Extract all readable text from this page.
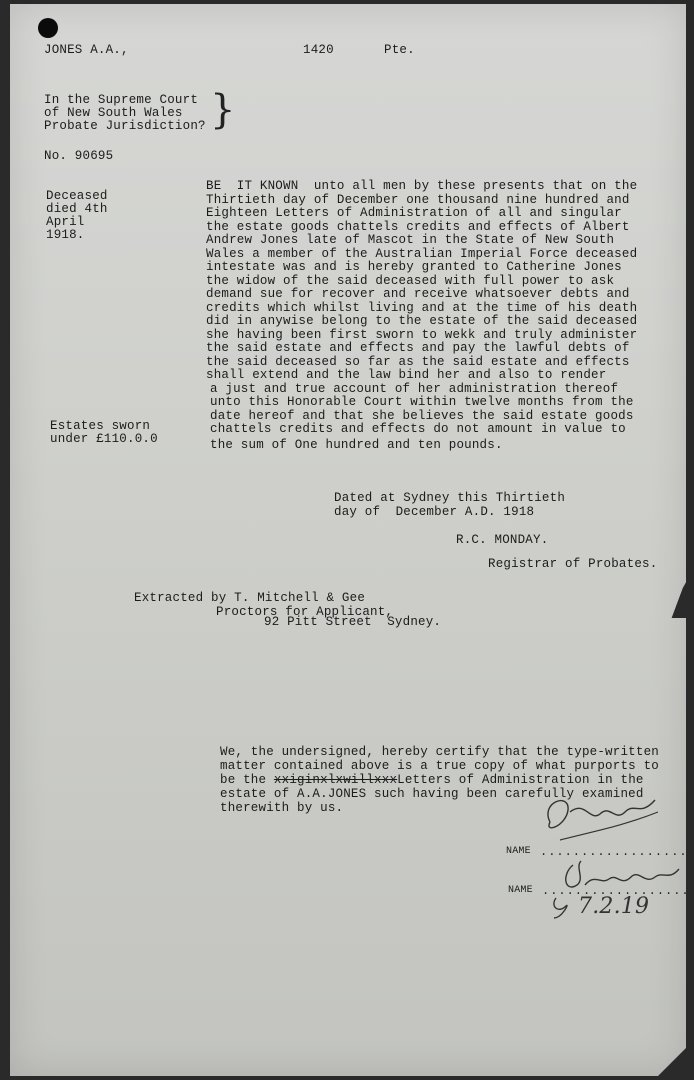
JONES A.A.,	1420	Pte.
In the Supreme Court
of New South Wales
Probate Jurisdiction? }
No. 90695
Deceased
died 4th
April
1918.
Estates sworn
under £110.0.0
BE  IT KNOWN  unto all men by these presents that on the
Thirtieth day of December one thousand nine hundred and
Eighteen Letters of Administration of all and singular
the estate goods chattels credits and effects of Albert
Andrew Jones late of Mascot in the State of New South
Wales a member of the Australian Imperial Force deceased
intestate was and is hereby granted to Catherine Jones
the widow of the said deceased with full power to ask
demand sue for recover and receive whatsoever debts and
credits which whilst living and at the time of his death
did in anywise belong to the estate of the said deceased
she having been first sworn to wekk and truly administer
the said estate and effects and pay the lawful debts of
the said deceased so far as the said estate and effects
shall extend and the law bind her and also to render
a just and true account of her administration thereof
unto this Honorable Court within twelve months from the
date hereof and that she believes the said estate goods
chattels credits and effects do not amount in value to
the sum of One hundred and ten pounds.
Dated at Sydney this Thirtieth
day of  December A.D. 1918
R.C. MONDAY.
Registrar of Probates.
Extracted by T. Mitchell & Gee
Proctors for Applicant,
92 Pitt Street  Sydney.
We, the undersigned, hereby certify that the type-written
matter contained above is a true copy of what purports to
be the xxiginxlxwillxxxLetters of Administration in the
estate of A.A.JONES such having been carefully examined
therewith by us.
NAME ..................
NAME ..................
7.2.19
